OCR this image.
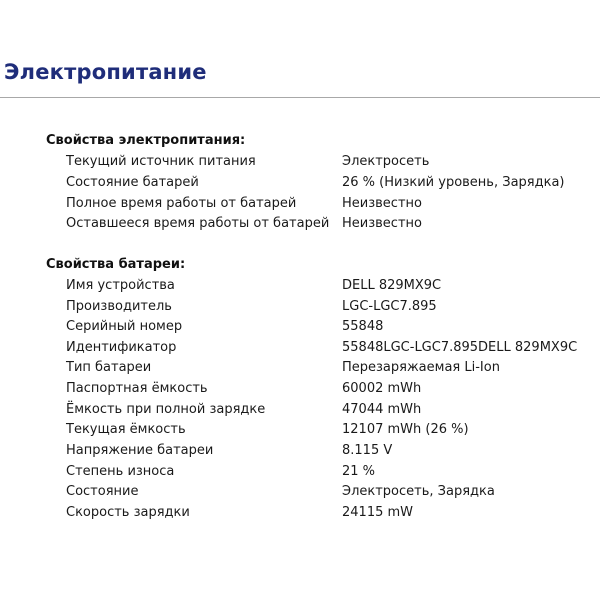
Электропитание
Свойства электропитания:
Текущий источник питания	Электросеть
Состояние батарей	26 % (Низкий уровень, Зарядка)
Полное время работы от батарей	Неизвестно
Оставшееся время работы от батарей Неизвестно
Свойства батареи:
Имя устройства	DELL 829MX9C
Производитель	LGC-LGC7.895
Серийный номер	55848
Идентификатор	55848LGC-LGC7.895DELL 829MX9C
Тип батареи	Перезаряжаемая Li-Ion
Паспортная ёмкость	60002 mWh
Ёмкость при полной зарядке	47044 mWh
Текущая ёмкость	12107 mWh (26 %)
Напряжение батареи	8.115 V
Степень износа	21 %
Состояние	Электросеть, Зарядка
Скорость зарядки	24115 mW
